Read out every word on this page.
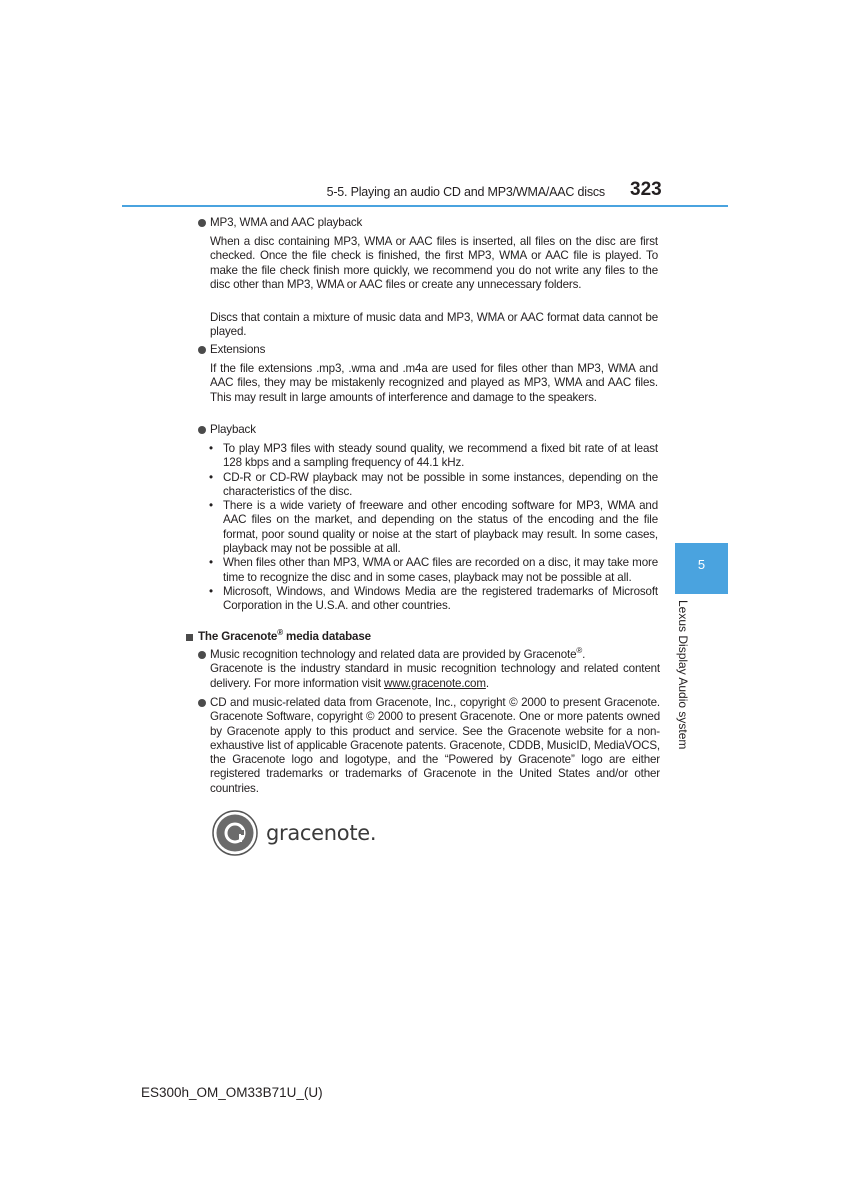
5-5. Playing an audio CD and MP3/WMA/AAC discs 323
5
Lexus Display Audio system
MP3, WMA and AAC playback
When a disc containing MP3, WMA or AAC files is inserted, all files on the disc are first checked. Once the file check is finished, the first MP3, WMA or AAC file is played. To make the file check finish more quickly, we recommend you do not write any files to the disc other than MP3, WMA or AAC files or create any unnecessary folders.
Discs that contain a mixture of music data and MP3, WMA or AAC format data cannot be played.
Extensions
If the file extensions .mp3, .wma and .m4a are used for files other than MP3, WMA and AAC files, they may be mistakenly recognized and played as MP3, WMA and AAC files. This may result in large amounts of interference and damage to the speakers.
Playback
• To play MP3 files with steady sound quality, we recommend a fixed bit rate of at least 128 kbps and a sampling frequency of 44.1 kHz.
• CD-R or CD-RW playback may not be possible in some instances, depending on the characteristics of the disc.
• There is a wide variety of freeware and other encoding software for MP3, WMA and AAC files on the market, and depending on the status of the encoding and the file format, poor sound quality or noise at the start of playback may result. In some cases, playback may not be possible at all.
• When files other than MP3, WMA or AAC files are recorded on a disc, it may take more time to recognize the disc and in some cases, playback may not be possible at all.
• Microsoft, Windows, and Windows Media are the registered trademarks of Microsoft Corporation in the U.S.A. and other countries.
The Gracenote® media database
Music recognition technology and related data are provided by Gracenote®.
Gracenote is the industry standard in music recognition technology and related content delivery. For more information visit www.gracenote.com.
CD and music-related data from Gracenote, Inc., copyright © 2000 to present Gracenote. Gracenote Software, copyright © 2000 to present Gracenote. One or more patents owned by Gracenote apply to this product and service. See the Gracenote website for a non-exhaustive list of applicable Gracenote patents. Gracenote, CDDB, MusicID, MediaVOCS, the Gracenote logo and logotype, and the “Powered by Gracenote” logo are either registered trademarks or trademarks of Gracenote in the United States and/or other countries.
gracenote.
ES300h_OM_OM33B71U_(U)
